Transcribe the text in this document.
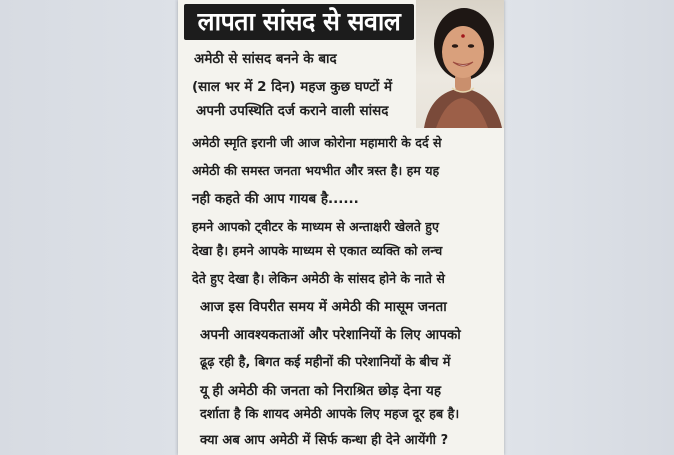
लापता सांसद से सवाल
अमेठी से सांसद बनने के बाद
(साल भर में 2 दिन) महज कुछ घण्टों में
अपनी उपस्थिति दर्ज कराने वाली सांसद
अमेठी स्मृति इरानी जी आज कोरोना महामारी के दर्द से
अमेठी की समस्त जनता भयभीत और त्रस्त है। हम यह
नही कहते की आप गायब है......
हमने आपको ट्वीटर के माध्यम से अन्ताक्षरी खेलते हुए
देखा है। हमने आपके माध्यम से एकात व्यक्ति को लन्च
देते हुए देखा है। लेकिन अमेठी के सांसद होने के नाते से
आज इस विपरीत समय में अमेठी की मासूम जनता
अपनी आवश्यकताओं और परेशानियों के लिए आपको
ढूढ़ रही है, बिगत कई महीनों की परेशानियों के बीच में
यू ही अमेठी की जनता को निराश्रित छोड़ देना यह
दर्शाता है कि शायद अमेठी आपके लिए महज दूर हब है।
क्या अब आप अमेठी में सिर्फ कन्धा ही देने आयेंगी ?
